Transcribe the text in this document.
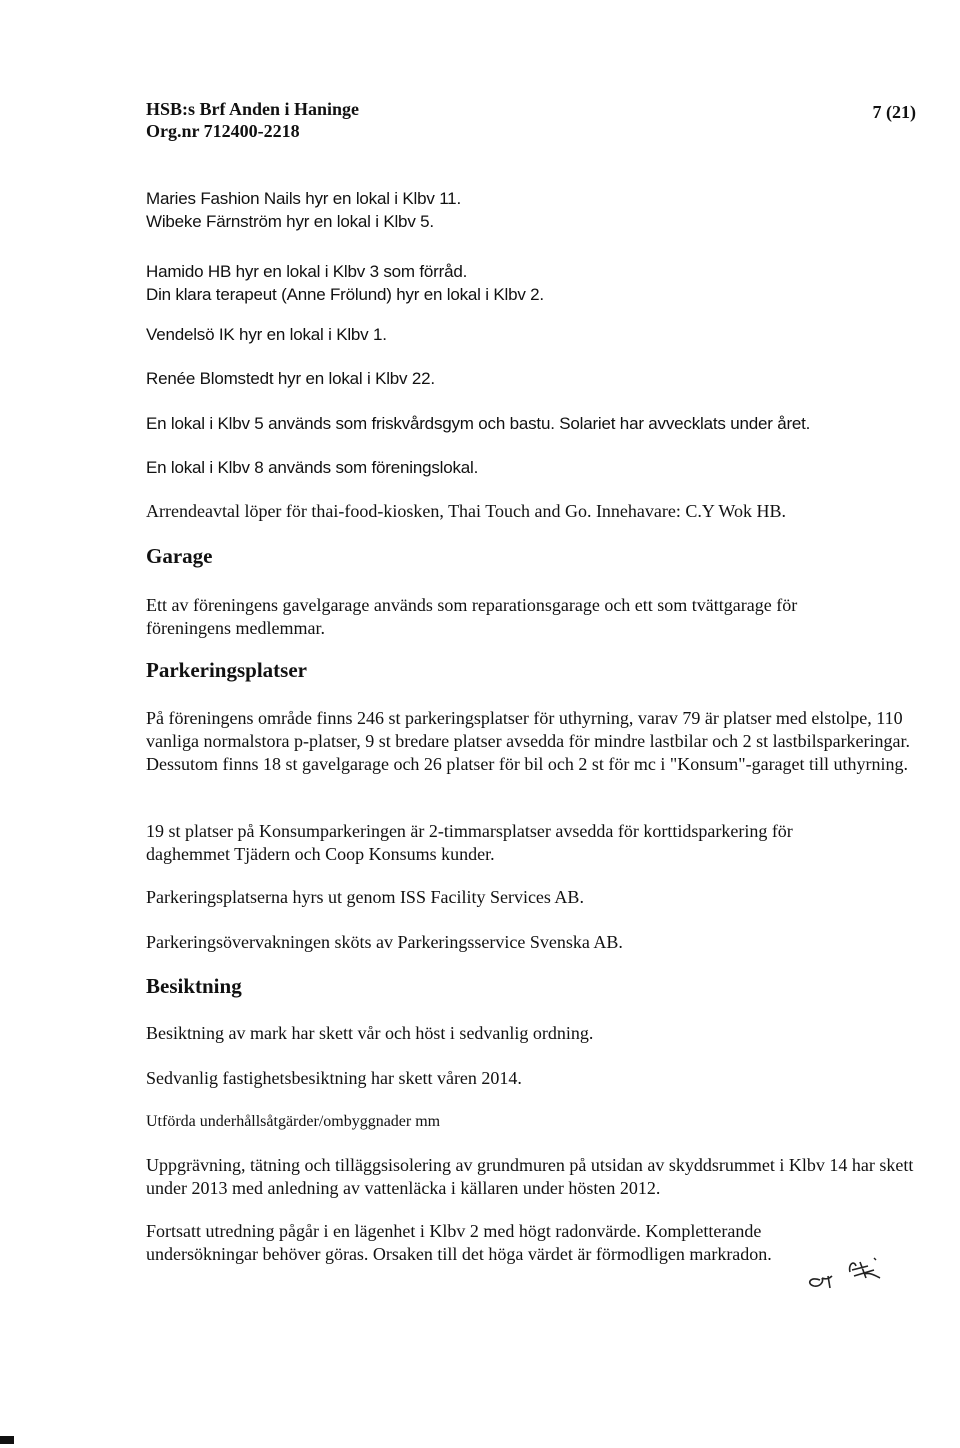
HSB:s Brf Anden i Haninge
Org.nr 712400-2218
7 (21)
Maries Fashion Nails hyr en lokal i Klbv 11.
Wibeke Färnström hyr en lokal i Klbv 5.
Hamido HB hyr en lokal i Klbv 3 som förråd.
Din klara terapeut (Anne Frölund) hyr en lokal i Klbv 2.
Vendelsö IK hyr en lokal i Klbv 1.
Renée Blomstedt hyr en lokal i Klbv 22.
En lokal i Klbv 5 används som friskvårdsgym och bastu. Solariet har avvecklats under året.
En lokal i Klbv 8 används som föreningslokal.
Arrendeavtal löper för thai-food-kiosken, Thai Touch and Go. Innehavare: C.Y Wok HB.
Garage
Ett av föreningens gavelgarage används som reparationsgarage och ett som tvättgarage för föreningens medlemmar.
Parkeringsplatser
På föreningens område finns 246 st parkeringsplatser för uthyrning, varav 79 är platser med elstolpe, 110 vanliga normalstora p-platser, 9 st bredare platser avsedda för mindre lastbilar och 2 st lastbilsparkeringar. Dessutom finns 18 st gavelgarage och 26 platser för bil och 2 st för mc i "Konsum"-garaget till uthyrning.
19 st platser på Konsumparkeringen är 2-timmarsplatser avsedda för korttidsparkering för daghemmet Tjädern och Coop Konsums kunder.
Parkeringsplatserna hyrs ut genom ISS Facility Services AB.
Parkeringsövervakningen sköts av Parkeringsservice Svenska AB.
Besiktning
Besiktning av mark har skett vår och höst i sedvanlig ordning.
Sedvanlig fastighetsbesiktning har skett våren 2014.
Utförda underhållsåtgärder/ombyggnader mm
Uppgrävning, tätning och tilläggsisolering av grundmuren på utsidan av skyddsrummet i Klbv 14 har skett under 2013 med anledning av vattenläcka i källaren under hösten 2012.
Fortsatt utredning pågår i en lägenhet i Klbv 2 med högt radonvärde. Kompletterande undersökningar behöver göras. Orsaken till det höga värdet är förmodligen markradon.
